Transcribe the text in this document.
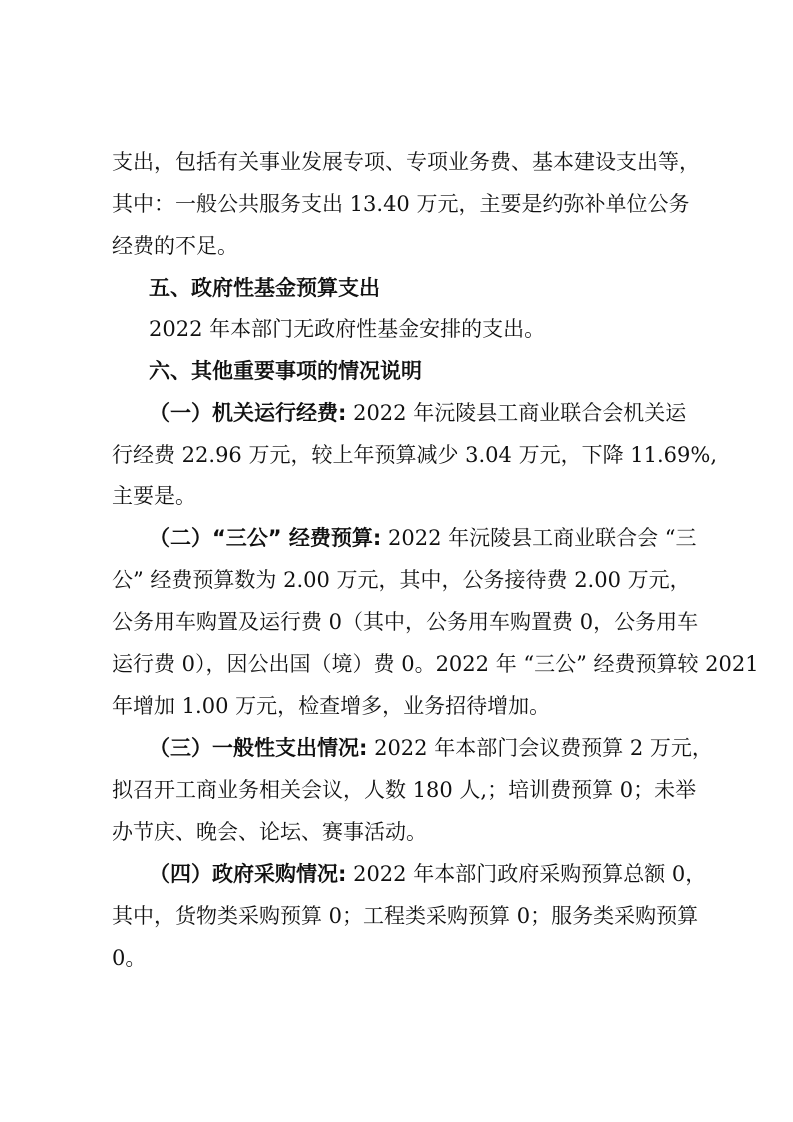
支出，包括有关事业发展专项、专项业务费、基本建设支出等，
其中：一般公共服务支出 13.40 万元，主要是约弥补单位公务
经费的不足。
五、政府性基金预算支出
2022 年本部门无政府性基金安排的支出。
六、其他重要事项的情况说明
（一）机关运行经费: 2022 年沅陵县工商业联合会机关运
行经费 22.96 万元，较上年预算减少 3.04 万元，下降 11.69%,
主要是。
（二）“三公” 经费预算: 2022 年沅陵县工商业联合会 “三
公” 经费预算数为 2.00 万元，其中，公务接待费 2.00 万元，
公务用车购置及运行费 0（其中，公务用车购置费 0，公务用车
运行费 0），因公出国（境）费 0。2022 年 “三公” 经费预算较 2021
年增加 1.00 万元，检查增多，业务招待增加。
（三）一般性支出情况: 2022 年本部门会议费预算 2 万元，
拟召开工商业务相关会议，人数 180 人,；培训费预算 0；未举
办节庆、晚会、论坛、赛事活动。
（四）政府采购情况: 2022 年本部门政府采购预算总额 0，
其中，货物类采购预算 0；工程类采购预算 0；服务类采购预算
0。
